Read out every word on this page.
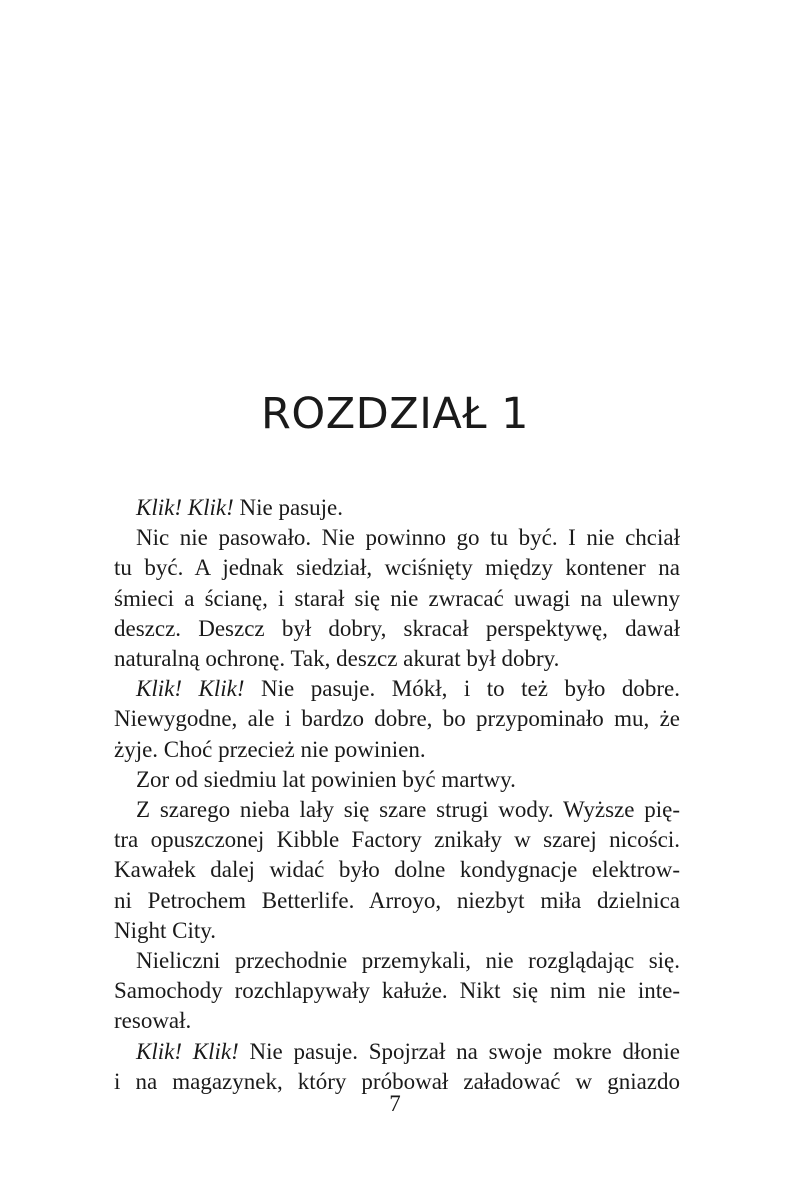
ROZDZIAŁ 1

Klik! Klik! Nie pasuje.

Nic nie pasowało. Nie powinno go tu być. I nie chciał
tu być. A jednak siedział, wciśnięty między kontener na
śmieci a ścianę, i starał się nie zwracać uwagi na ulewny
deszcz. Deszcz był dobry, skracał perspektywę, dawał
naturalną ochronę. Tak, deszcz akurat był dobry.

Klik! Klik! Nie pasuje. Mókł, i to też było dobre.
Niewygodne, ale i bardzo dobre, bo przypominało mu, że
żyje. Choć przecież nie powinien.

Zor od siedmiu lat powinien być martwy.

Z szarego nieba lały się szare strugi wody. Wyższe pię-
tra opuszczonej Kibble Factory znikały w szarej nicości.
Kawałek dalej widać było dolne kondygnacje elektrow-
ni Petrochem Betterlife. Arroyo, niezbyt miła dzielnica
Night City.

Nieliczni przechodnie przemykali, nie rozglądając się.
Samochody rozchlapywały kałuże. Nikt się nim nie inte-
resował.

Klik! Klik! Nie pasuje. Spojrzał na swoje mokre dłonie
i na magazynek, który próbował załadować w gniazdo

7
